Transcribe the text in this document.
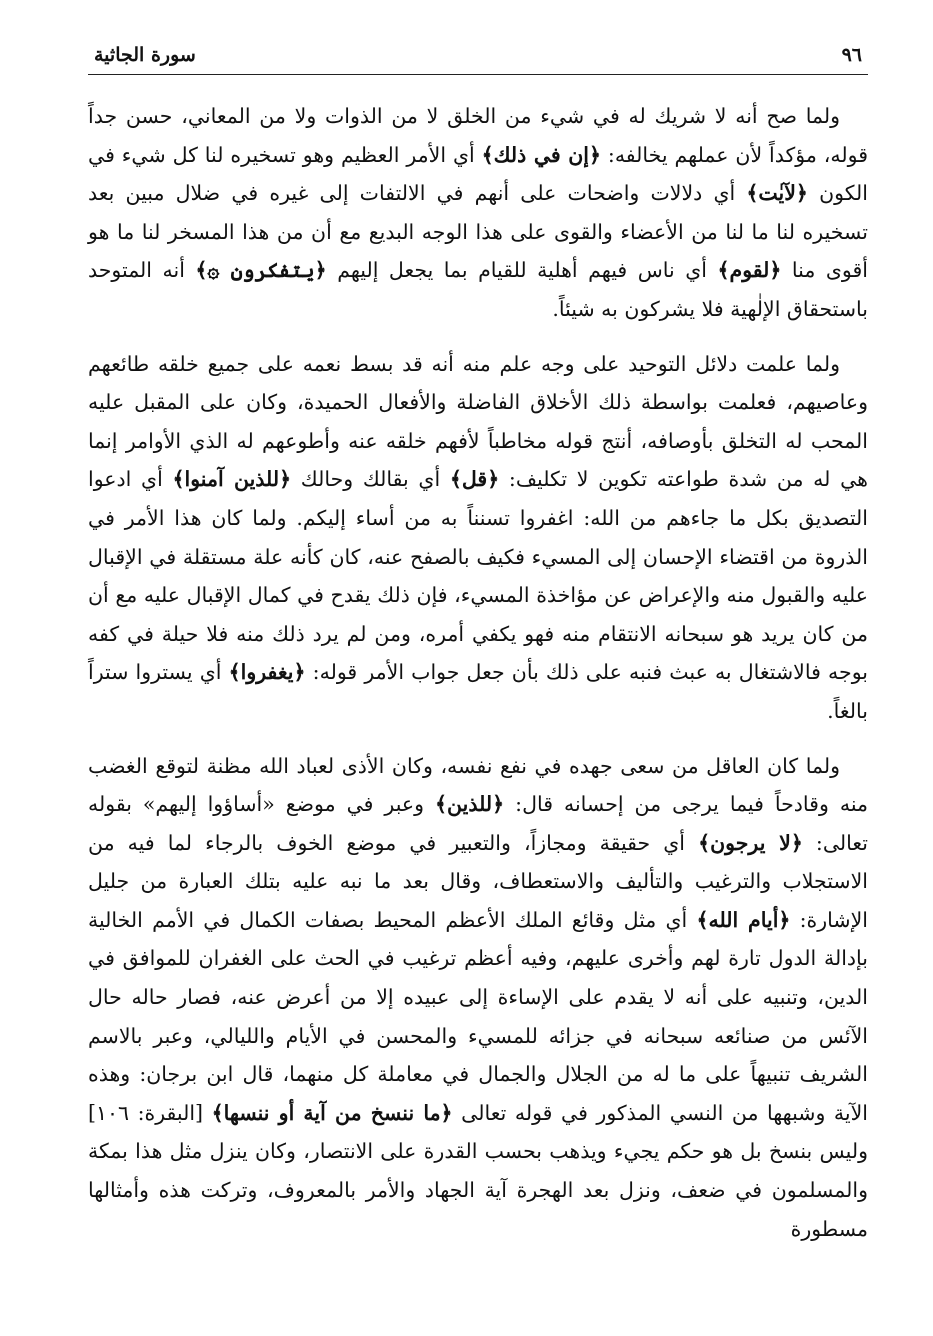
٩٦
سورة الجاثية

ولما صح أنه لا شريك له في شيء من الخلق لا من الذوات ولا من المعاني، حسن جداً قوله، مؤكداً لأن عملهم يخالفه: ﴿إن في ذلك﴾ أي الأمر العظيم وهو تسخيره لنا كل شيء في الكون ﴿لآيٰت﴾ أي دلالات واضحات على أنهم في الالتفات إلى غيره في ضلال مبين بعد تسخيره لنا ما لنا من الأعضاء والقوى على هذا الوجه البديع مع أن من هذا المسخر لنا ما هو أقوى منا ﴿لقوم﴾ أي ناس فيهم أهلية للقيام بما يجعل إليهم ﴿يتفكرون ۞﴾ أنه المتوحد باستحقاق الإلٰهية فلا يشركون به شيئاً.

ولما علمت دلائل التوحيد على وجه علم منه أنه قد بسط نعمه على جميع خلقه طائعهم وعاصيهم، فعلمت بواسطة ذلك الأخلاق الفاضلة والأفعال الحميدة، وكان على المقبل عليه المحب له التخلق بأوصافه، أنتج قوله مخاطباً لأفهم خلقه عنه وأطوعهم له الذي الأوامر إنما هي له من شدة طواعته تكوين لا تكليف: ﴿قل﴾ أي بقالك وحالك ﴿للذين آمنوا﴾ أي ادعوا التصديق بكل ما جاءهم من الله: اغفروا تسنناً به من أساء إليكم. ولما كان هذا الأمر في الذروة من اقتضاء الإحسان إلى المسيء فكيف بالصفح عنه، كان كأنه علة مستقلة في الإقبال عليه والقبول منه والإعراض عن مؤاخذة المسيء، فإن ذلك يقدح في كمال الإقبال عليه مع أن من كان يريد هو سبحانه الانتقام منه فهو يكفي أمره، ومن لم يرد ذلك منه فلا حيلة في كفه بوجه فالاشتغال به عبث فنبه على ذلك بأن جعل جواب الأمر قوله: ﴿يغفروا﴾ أي يستروا ستراً بالغاً.

ولما كان العاقل من سعى جهده في نفع نفسه، وكان الأذى لعباد الله مظنة لتوقع الغضب منه وقادحاً فيما يرجى من إحسانه قال: ﴿للذين﴾ وعبر في موضع «أساؤوا إليهم» بقوله تعالى: ﴿لا يرجون﴾ أي حقيقة ومجازاً، والتعبير في موضع الخوف بالرجاء لما فيه من الاستجلاب والترغيب والتأليف والاستعطاف، وقال بعد ما نبه عليه بتلك العبارة من جليل الإشارة: ﴿أيام الله﴾ أي مثل وقائع الملك الأعظم المحيط بصفات الكمال في الأمم الخالية بإدالة الدول تارة لهم وأخرى عليهم، وفيه أعظم ترغيب في الحث على الغفران للموافق في الدين، وتنبيه على أنه لا يقدم على الإساءة إلى عبيده إلا من أعرض عنه، فصار حاله حال الآئس من صنائعه سبحانه في جزائه للمسيء والمحسن في الأيام والليالي، وعبر بالاسم الشريف تنبيهاً على ما له من الجلال والجمال في معاملة كل منهما، قال ابن برجان: وهذه الآية وشبهها من النسي المذكور في قوله تعالى ﴿ما ننسخ من آية أو ننسها﴾ [البقرة: ١٠٦] وليس بنسخ بل هو حكم يجيء ويذهب بحسب القدرة على الانتصار، وكان ينزل مثل هذا بمكة والمسلمون في ضعف، ونزل بعد الهجرة آية الجهاد والأمر بالمعروف، وتركت هذه وأمثالها مسطورة
